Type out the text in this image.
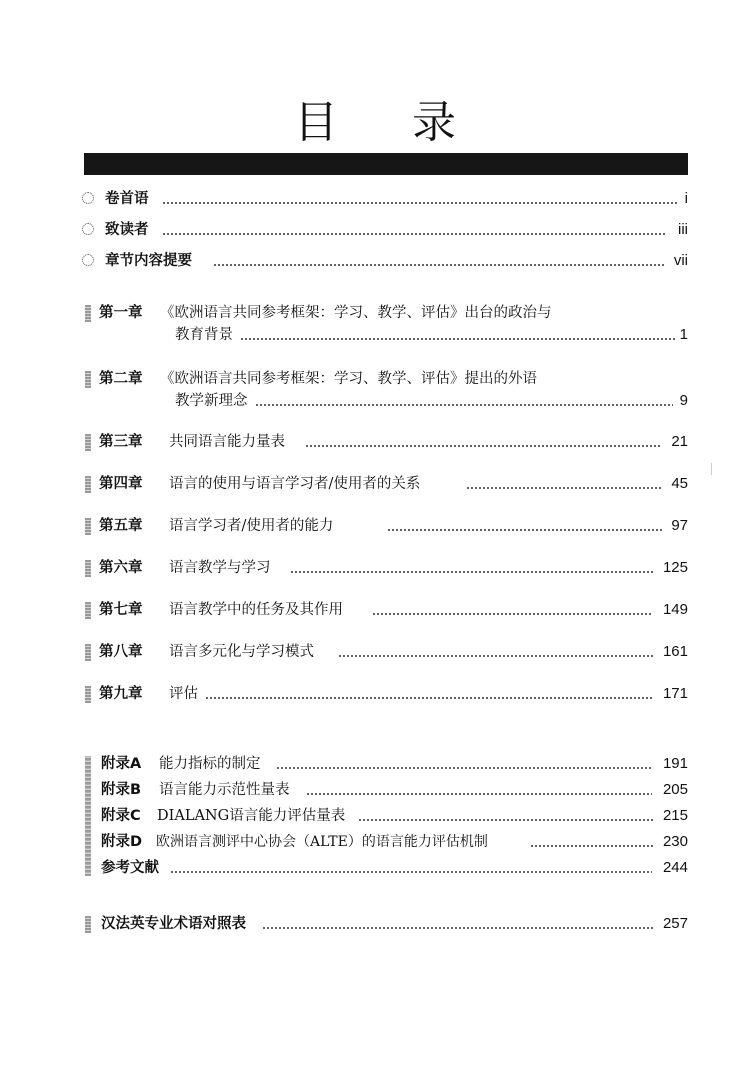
目 录
卷首语	i
致读者	iii
章节内容提要	vii
第一章 《欧洲语言共同参考框架：学习、教学、评估》出台的政治与
教育背景	1
第二章 《欧洲语言共同参考框架：学习、教学、评估》提出的外语
教学新理念	9
第三章 共同语言能力量表	21
第四章 语言的使用与语言学习者/使用者的关系	45
第五章 语言学习者/使用者的能力	97
第六章 语言教学与学习	125
第七章 语言教学中的任务及其作用	149
第八章 语言多元化与学习模式	161
第九章 评估	171
附录A 能力指标的制定	191
附录B 语言能力示范性量表	205
附录C DIALANG语言能力评估量表	215
附录D 欧洲语言测评中心协会（ALTE）的语言能力评估机制	230
参考文献	244
汉法英专业术语对照表	257
